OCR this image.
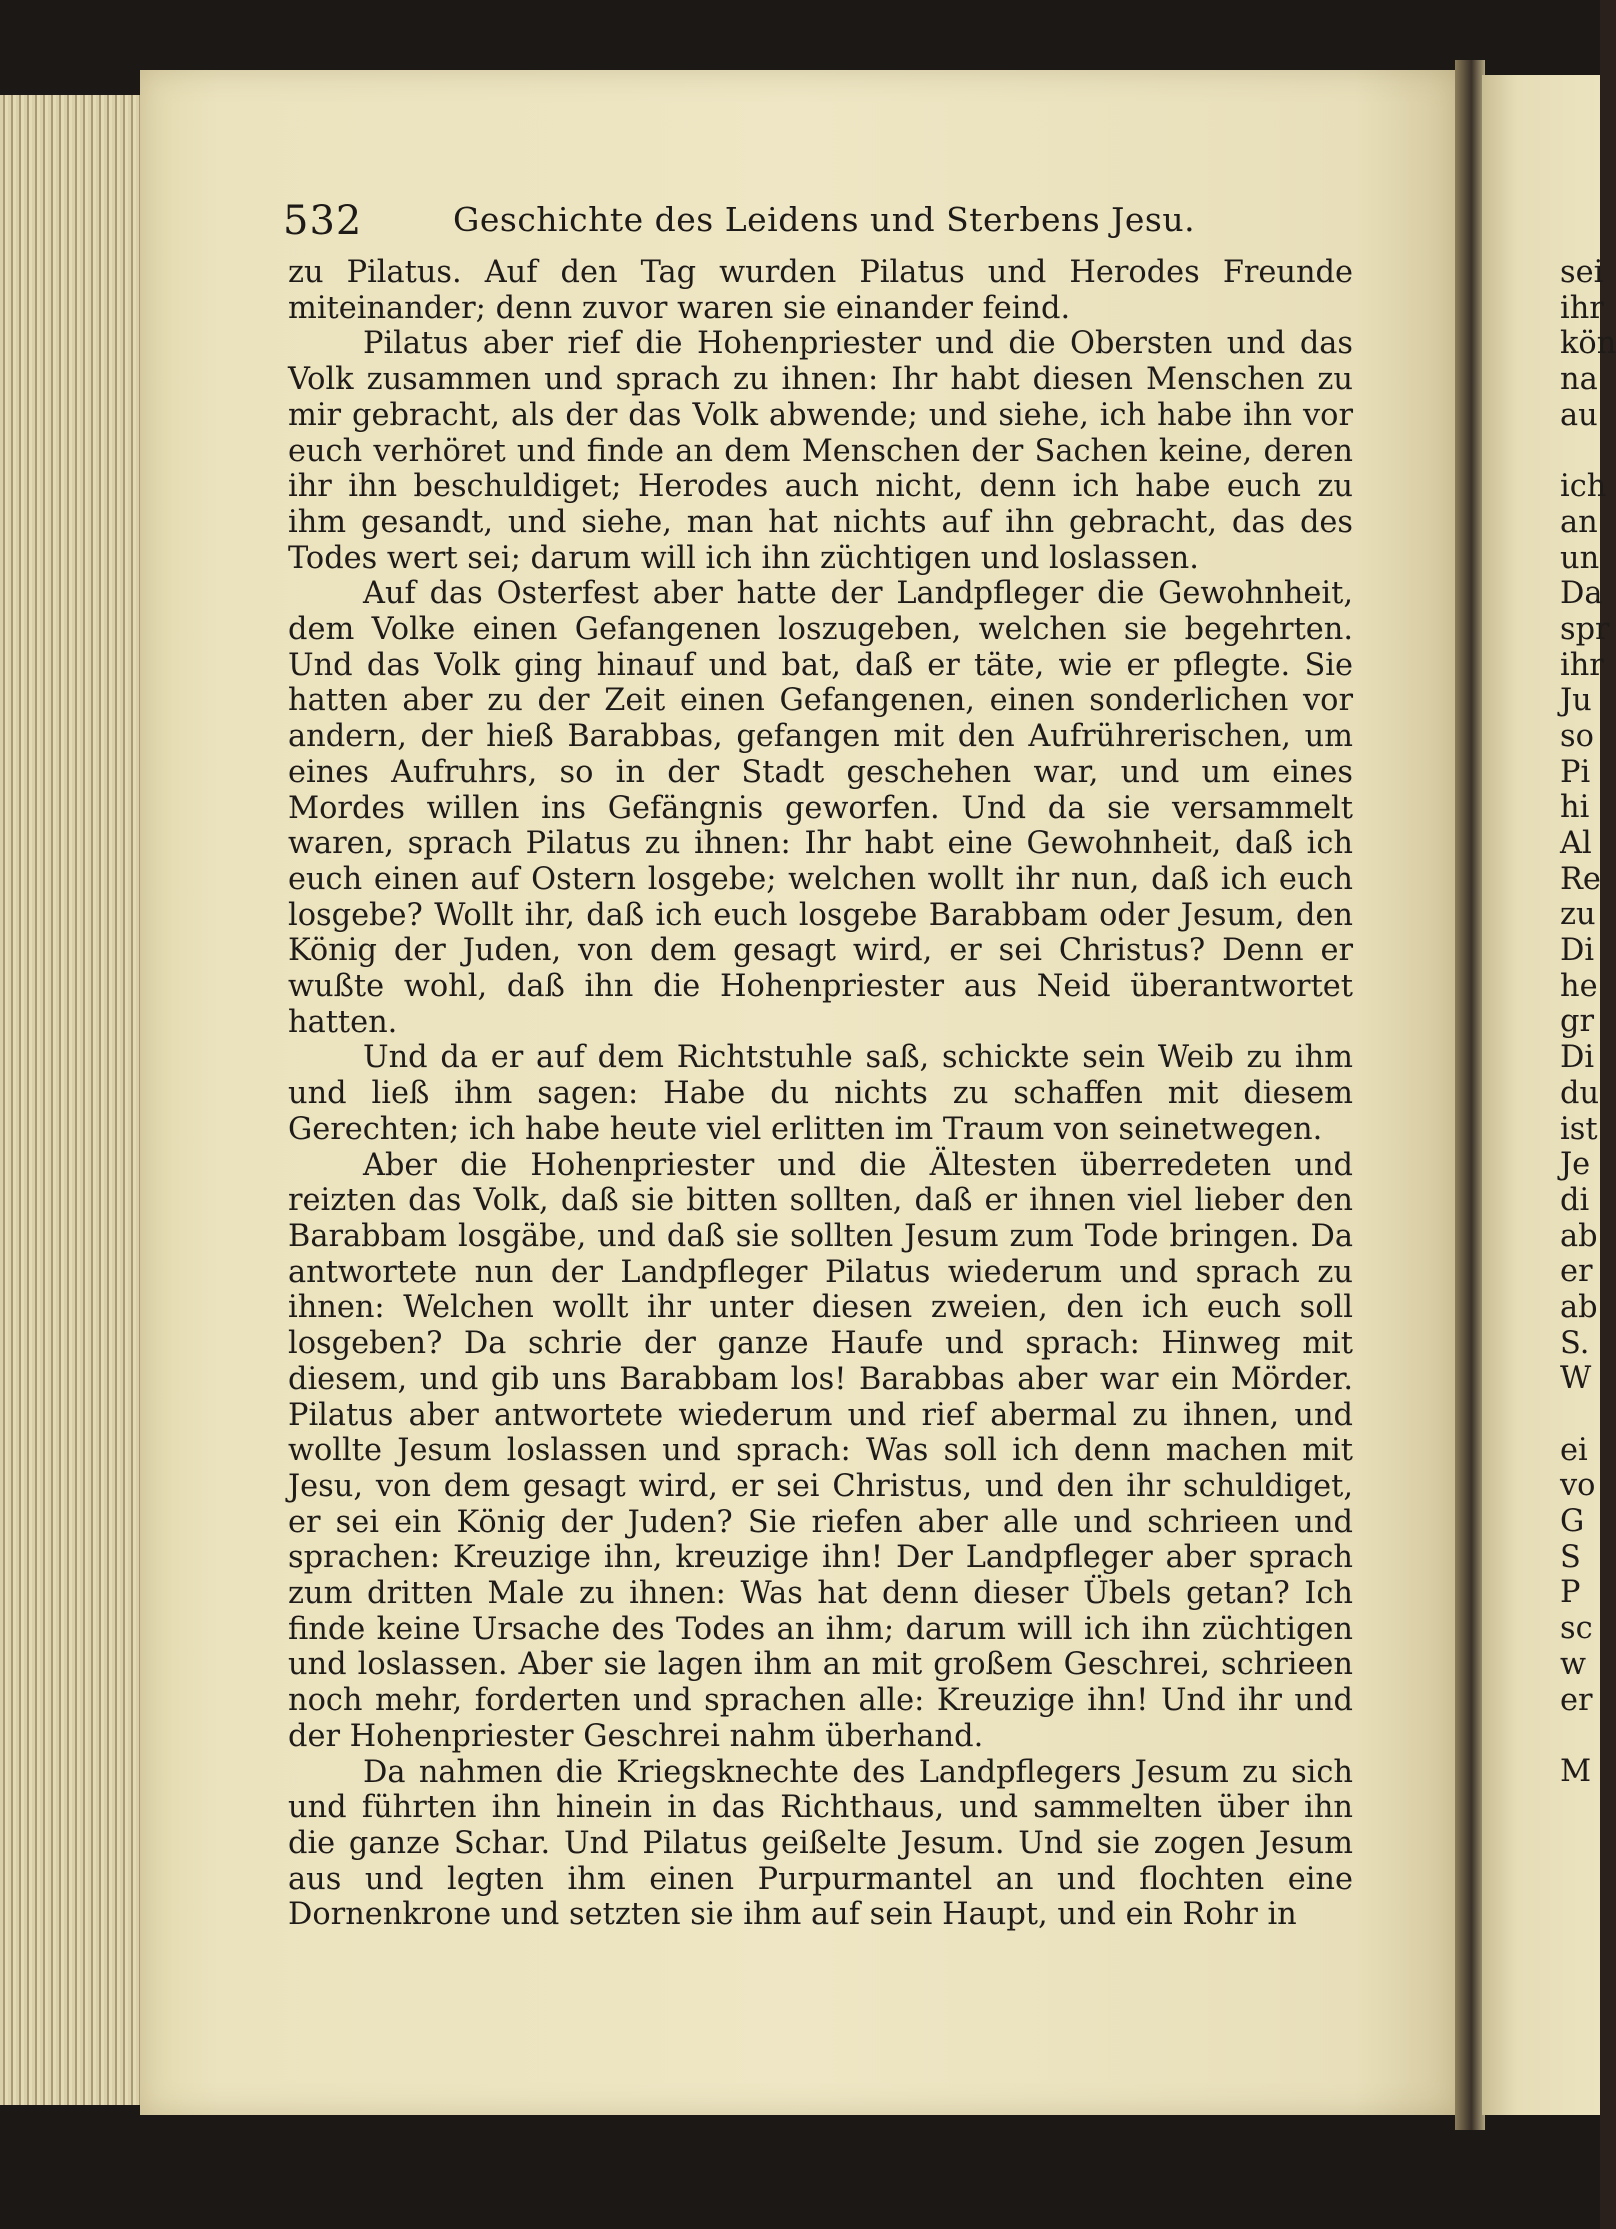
532	Geschichte des Leidens und Sterbens Jesu.

zu Pilatus. Auf den Tag wurden Pilatus und Herodes Freunde miteinander; denn zuvor waren sie einander feind.

Pilatus aber rief die Hohenpriester und die Obersten und das Volk zusammen und sprach zu ihnen: Ihr habt diesen Menschen zu mir gebracht, als der das Volk abwende; und siehe, ich habe ihn vor euch verhöret und finde an dem Menschen der Sachen keine, deren ihr ihn beschuldiget; Herodes auch nicht, denn ich habe euch zu ihm gesandt, und siehe, man hat nichts auf ihn gebracht, das des Todes wert sei; darum will ich ihn züchtigen und loslassen.

Auf das Osterfest aber hatte der Landpfleger die Gewohnheit, dem Volke einen Gefangenen loszugeben, welchen sie begehrten. Und das Volk ging hinauf und bat, daß er täte, wie er pflegte. Sie hatten aber zu der Zeit einen Gefangenen, einen sonderlichen vor andern, der hieß Barabbas, gefangen mit den Aufrührerischen, um eines Aufruhrs, so in der Stadt geschehen war, und um eines Mordes willen ins Gefängnis geworfen. Und da sie versammelt waren, sprach Pilatus zu ihnen: Ihr habt eine Gewohnheit, daß ich euch einen auf Ostern losgebe; welchen wollt ihr nun, daß ich euch losgebe? Wollt ihr, daß ich euch losgebe Barabbam oder Jesum, den König der Juden, von dem gesagt wird, er sei Christus? Denn er wußte wohl, daß ihn die Hohenpriester aus Neid überantwortet hatten.

Und da er auf dem Richtstuhle saß, schickte sein Weib zu ihm und ließ ihm sagen: Habe du nichts zu schaffen mit diesem Gerechten; ich habe heute viel erlitten im Traum von seinetwegen.

Aber die Hohenpriester und die Ältesten überredeten und reizten das Volk, daß sie bitten sollten, daß er ihnen viel lieber den Barabbam losgäbe, und daß sie sollten Jesum zum Tode bringen. Da antwortete nun der Landpfleger Pilatus wiederum und sprach zu ihnen: Welchen wollt ihr unter diesen zweien, den ich euch soll losgeben? Da schrie der ganze Haufe und sprach: Hinweg mit diesem, und gib uns Barabbam los! Barabbas aber war ein Mörder. Pilatus aber antwortete wiederum und rief abermal zu ihnen, und wollte Jesum loslassen und sprach: Was soll ich denn machen mit Jesu, von dem gesagt wird, er sei Christus, und den ihr schuldiget, er sei ein König der Juden? Sie riefen aber alle und schrieen und sprachen: Kreuzige ihn, kreuzige ihn! Der Landpfleger aber sprach zum dritten Male zu ihnen: Was hat denn dieser Übels getan? Ich finde keine Ursache des Todes an ihm; darum will ich ihn züchtigen und loslassen. Aber sie lagen ihm an mit großem Geschrei, schrieen noch mehr, forderten und sprachen alle: Kreuzige ihn! Und ihr und der Hohenpriester Geschrei nahm überhand.

Da nahmen die Kriegsknechte des Landpflegers Jesum zu sich und führten ihn hinein in das Richthaus, und sammelten über ihn die ganze Schar. Und Pilatus geißelte Jesum. Und sie zogen Jesum aus und legten ihm einen Purpurmantel an und flochten eine Dornenkrone und setzten sie ihm auf sein Haupt, und ein Rohr in

sei
ihr
kön
na
au
ich
an
un
Da
spr
ihr
Ju
so
Pi
hi
Al
Re
zu
Di
he
gr
Di
du
ist
Je
di
ab
er
ab
S.
W
ei
vo
G
S
P
sc
w
er
M
